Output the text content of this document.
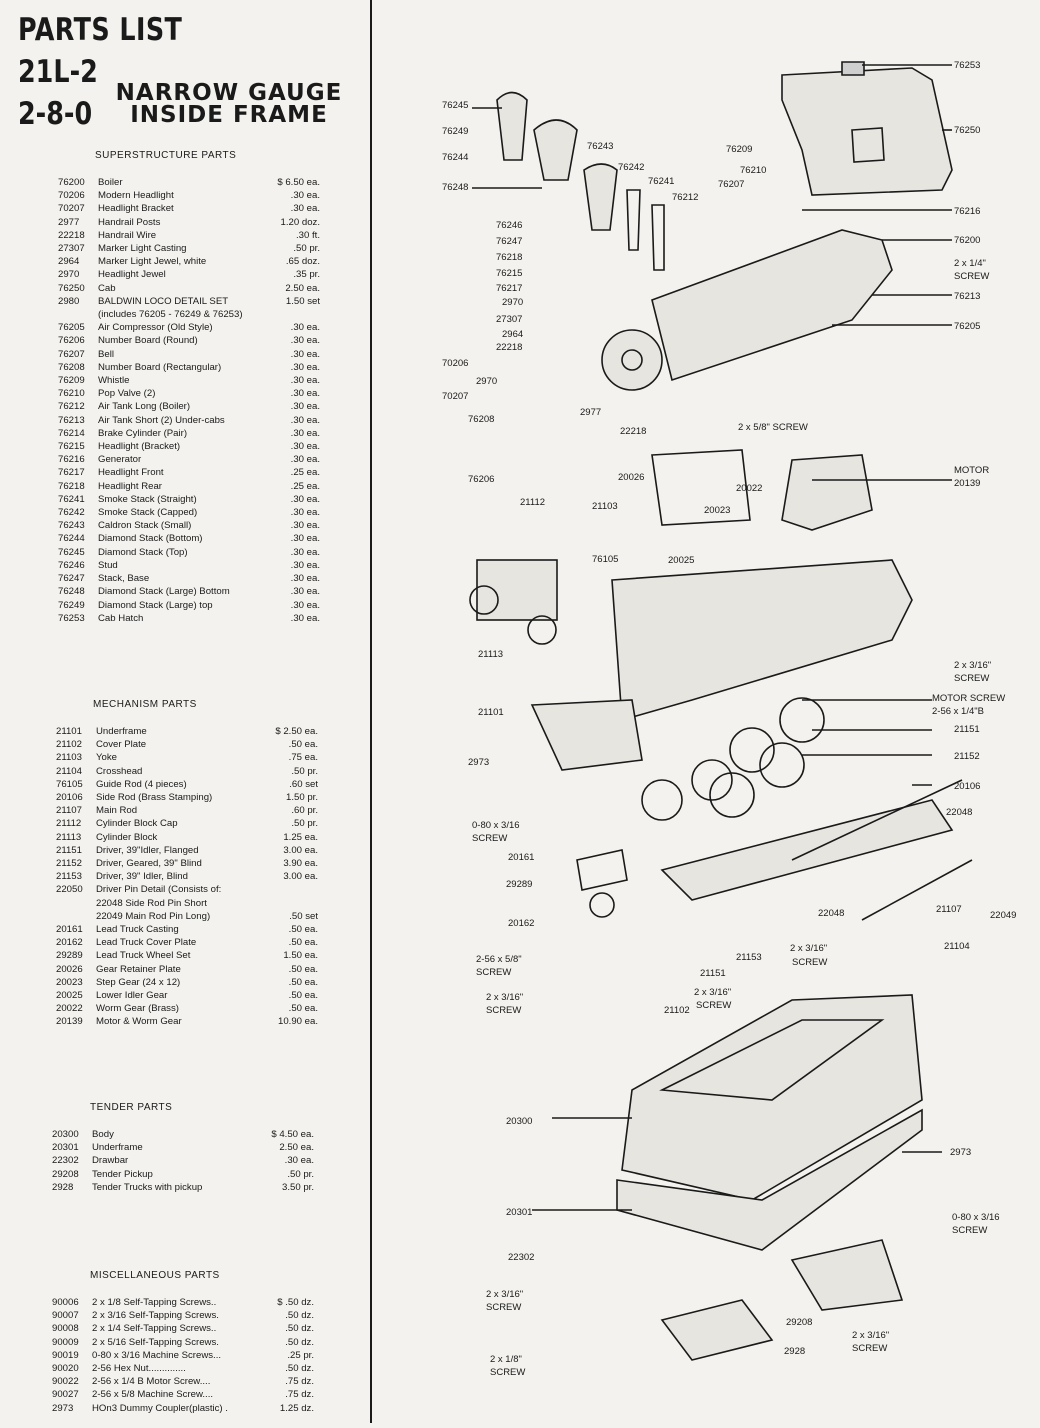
PARTS LIST
21L-2
2-8-0
NARROW GAUGE
INSIDE FRAME
SUPERSTRUCTURE PARTS
76200	Boiler	$ 6.50 ea.
70206	Modern Headlight	.30 ea.
70207	Headlight Bracket	.30 ea.
2977	Handrail Posts	1.20 doz.
22218	Handrail Wire	.30 ft.
27307	Marker Light Casting	.50 pr.
2964	Marker Light Jewel, white	.65 doz.
2970	Headlight Jewel	.35 pr.
76250	Cab	2.50 ea.
2980	BALDWIN LOCO DETAIL SET	1.50 set
(includes 76205 - 76249 & 76253)
76205	Air Compressor (Old Style)	.30 ea.
76206	Number Board (Round)	.30 ea.
76207	Bell	.30 ea.
76208	Number Board (Rectangular)	.30 ea.
76209	Whistle	.30 ea.
76210	Pop Valve (2)	.30 ea.
76212	Air Tank Long (Boiler)	.30 ea.
76213	Air Tank Short (2) Under-cabs	.30 ea.
76214	Brake Cylinder (Pair)	.30 ea.
76215	Headlight (Bracket)	.30 ea.
76216	Generator	.30 ea.
76217	Headlight Front	.25 ea.
76218	Headlight Rear	.25 ea.
76241	Smoke Stack (Straight)	.30 ea.
76242	Smoke Stack (Capped)	.30 ea.
76243	Caldron Stack (Small)	.30 ea.
76244	Diamond Stack (Bottom)	.30 ea.
76245	Diamond Stack (Top)	.30 ea.
76246	Stud	.30 ea.
76247	Stack, Base	.30 ea.
76248	Diamond Stack (Large) Bottom	.30 ea.
76249	Diamond Stack (Large) top	.30 ea.
76253	Cab Hatch	.30 ea.
MECHANISM PARTS
21101	Underframe	$ 2.50 ea.
21102	Cover Plate	.50 ea.
21103	Yoke	.75 ea.
21104	Crosshead	.50 pr.
76105	Guide Rod (4 pieces)	.60 set
20106	Side Rod (Brass Stamping)	1.50 pr.
21107	Main Rod	.60 pr.
21112	Cylinder Block Cap	.50 pr.
21113	Cylinder Block	1.25 ea.
21151	Driver, 39"Idler, Flanged	3.00 ea.
21152	Driver, Geared, 39" Blind	3.90 ea.
21153	Driver, 39" Idler, Blind	3.00 ea.
22050	Driver Pin Detail (Consists of:
22048 Side Rod Pin Short
22049 Main Rod Pin Long)	.50 set
20161	Lead Truck Casting	.50 ea.
20162	Lead Truck Cover Plate	.50 ea.
29289	Lead Truck Wheel Set	1.50 ea.
20026	Gear Retainer Plate	.50 ea.
20023	Step Gear (24 x 12)	.50 ea.
20025	Lower Idler Gear	.50 ea.
20022	Worm Gear (Brass)	.50 ea.
20139	Motor & Worm Gear	10.90 ea.
TENDER PARTS
20300	Body	$ 4.50 ea.
20301	Underframe	2.50 ea.
22302	Drawbar	.30 ea.
29208	Tender Pickup	.50 pr.
2928	Tender Trucks with pickup	3.50 pr.
MISCELLANEOUS PARTS
90006	2 x 1/8 Self-Tapping Screws..	$ .50 dz.
90007	2 x 3/16 Self-Tapping Screws.	.50 dz.
90008	2 x 1/4 Self-Tapping Screws..	.50 dz.
90009	2 x 5/16 Self-Tapping Screws.	.50 dz.
90019	0-80 x 3/16 Machine Screws...	.25 pr.
90020	2-56 Hex Nut..............	.50 dz.
90022	2-56 x 1/4 B Motor Screw....	.75 dz.
90027	2-56 x 5/8 Machine Screw....	.75 dz.
2973	HOn3 Dummy Coupler(plastic) .	1.25 dz.
76253
76245
76250
76249
76243
76244
76242
76209
76241
76210
76248	76207
76212
76216
76246
76200
76247
76218
2 x 1/4"
SCREW
76215
76213
76217
2970
27307
76205
2964
22218
70206
2970
70207
2977
76208
22218
76206
2 x 5/8" SCREW
MOTOR
20139
20026
20022
21112	21103	20023
76105	20025
21113
2 x 3/16"
SCREW
MOTOR SCREW
2-56 x 1/4"B
21101
21151
2973
21152
20106
22048
0-80 x 3/16
SCREW
20161
29289
22048	21107
22049
20162
21153
2 x 3/16"
SCREW
21104
2-56 x 5/8"
SCREW	21151
2 x 3/16"
SCREW
2 x 3/16"
SCREW	21102
20300
2973
20301	0-80 x 3/16
SCREW
22302
2 x 3/16"
SCREW
29208
2 x 3/16"
SCREW
2928
2 x 1/8"
SCREW
